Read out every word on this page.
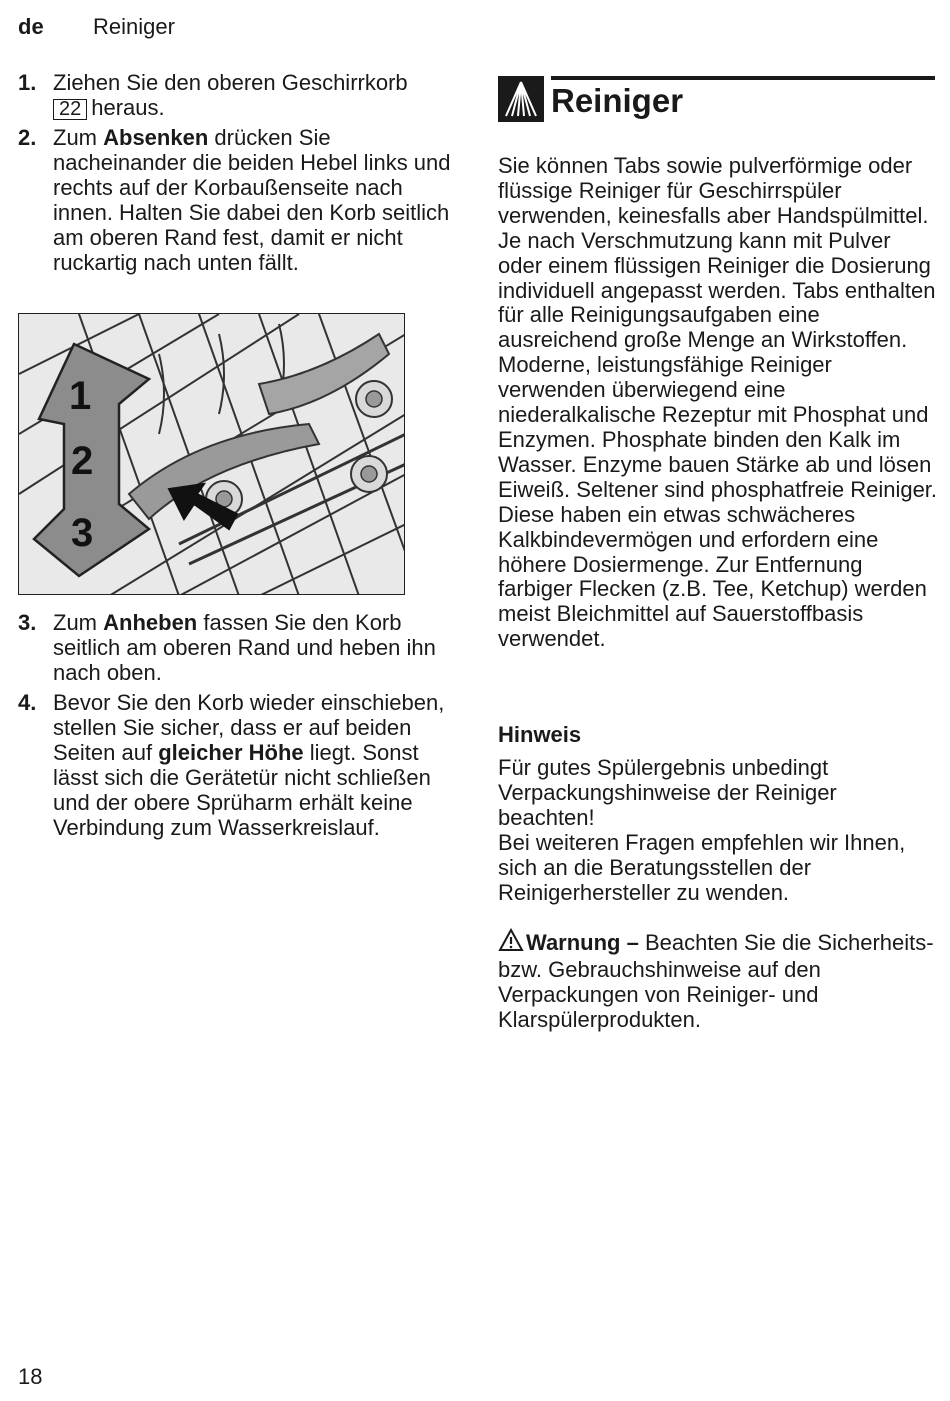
de Reiniger
1. Ziehen Sie den oberen Geschirrkorb
22 heraus.
2. Zum Absenken drücken Sie nacheinander die beiden Hebel links und rechts auf der Korbaußenseite nach innen. Halten Sie dabei den Korb seitlich am oberen Rand fest, damit er nicht ruckartig nach unten fällt.
1
2
3
3. Zum Anheben fassen Sie den Korb seitlich am oberen Rand und heben ihn nach oben.
4. Bevor Sie den Korb wieder einschieben, stellen Sie sicher, dass er auf beiden Seiten auf gleicher Höhe liegt. Sonst lässt sich die Gerätetür nicht schließen und der obere Sprüharm erhält keine Verbindung zum Wasserkreislauf.
Reiniger
Sie können Tabs sowie pulverförmige oder flüssige Reiniger für Geschirrspüler verwenden, keinesfalls aber Handspülmittel. Je nach Verschmutzung kann mit Pulver oder einem flüssigen Reiniger die Dosierung individuell angepasst werden. Tabs enthalten für alle Reinigungsaufgaben eine ausreichend große Menge an Wirkstoffen. Moderne, leistungsfähige Reiniger verwenden überwiegend eine niederalkalische Rezeptur mit Phosphat und Enzymen. Phosphate binden den Kalk im Wasser. Enzyme bauen Stärke ab und lösen Eiweiß. Seltener sind phosphatfreie Reiniger. Diese haben ein etwas schwächeres Kalkbindevermögen und erfordern eine höhere Dosiermenge. Zur Entfernung farbiger Flecken (z.B. Tee, Ketchup) werden meist Bleichmittel auf Sauerstoffbasis verwendet.
Hinweis
Für gutes Spülergebnis unbedingt Verpackungshinweise der Reiniger beachten!
Bei weiteren Fragen empfehlen wir Ihnen, sich an die Beratungsstellen der Reinigerhersteller zu wenden.
Warnung – Beachten Sie die Sicherheits- bzw. Gebrauchshinweise auf den Verpackungen von Reiniger- und Klarspülerprodukten.
18
